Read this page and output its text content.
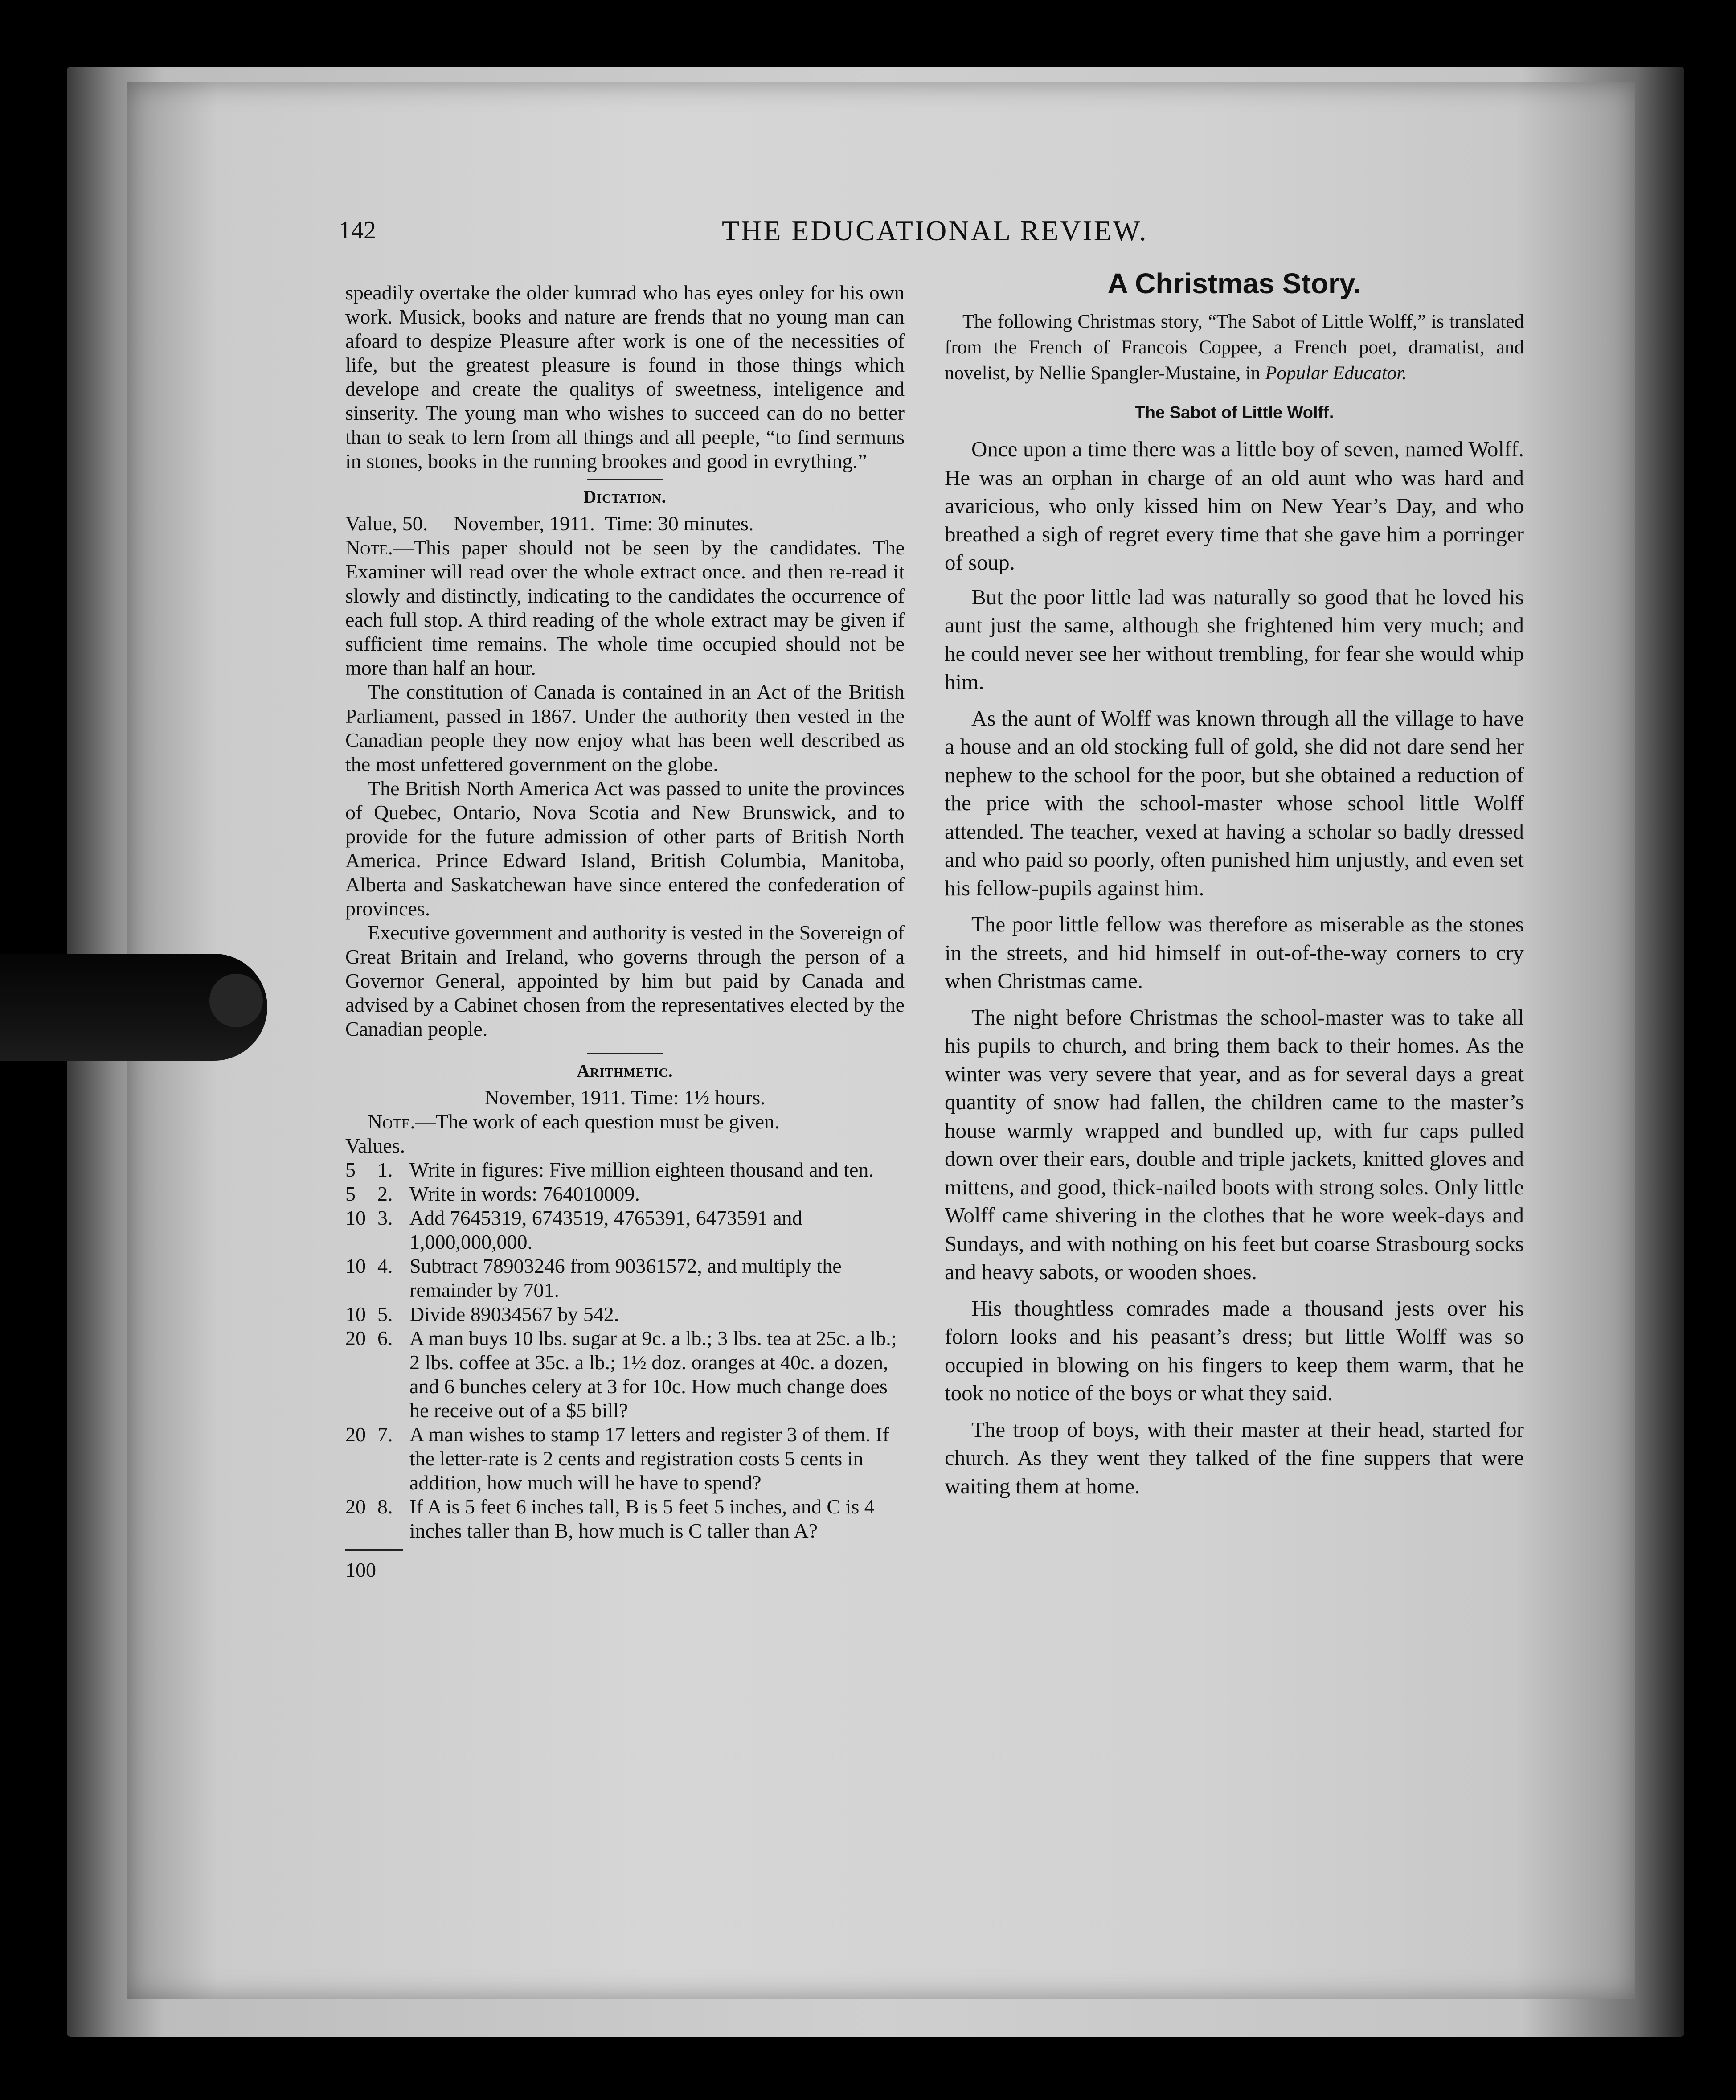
142	THE EDUCATIONAL REVIEW.

speadily overtake the older kumrad who has eyes onley for his own work. Musick, books and nature are frends that no young man can afoard to despize Pleasure after work is one of the necessities of life, but the greatest pleasure is found in those things which develope and create the qualitys of sweetness, inteligence and sinserity. The young man who wishes to succeed can do no better than to seak to lern from all things and all peeple, “to find sermuns in stones, books in the running brookes and good in evrything.”

Dictation.

Value, 50.     November, 1911.  Time: 30 minutes.

Note.—This paper should not be seen by the candidates. The Examiner will read over the whole extract once. and then re-read it slowly and distinctly, indicating to the candidates the occurrence of each full stop. A third reading of the whole extract may be given if sufficient time remains. The whole time occupied should not be more than half an hour.

The constitution of Canada is contained in an Act of the British Parliament, passed in 1867. Under the authority then vested in the Canadian people they now enjoy what has been well described as the most unfettered government on the globe.

The British North America Act was passed to unite the provinces of Quebec, Ontario, Nova Scotia and New Brunswick, and to provide for the future admission of other parts of British North America. Prince Edward Island, British Columbia, Manitoba, Alberta and Saskatchewan have since entered the confederation of provinces.

Executive government and authority is vested in the Sovereign of Great Britain and Ireland, who governs through the person of a Governor General, appointed by him but paid by Canada and advised by a Cabinet chosen from the representatives elected by the Canadian people.

Arithmetic.

November, 1911. Time: 1½ hours.

Note.—The work of each question must be given.

Values.

5	1. Write in figures: Five million eighteen thousand and ten.
5	2. Write in words: 764010009.
10 3. Add 7645319, 6743519, 4765391, 6473591 and 1,000,000,000.
10 4. Subtract 78903246 from 90361572, and multiply the remainder by 701.
10 5. Divide 89034567 by 542.
20 6. A man buys 10 lbs. sugar at 9c. a lb.; 3 lbs. tea at 25c. a lb.; 2 lbs. coffee at 35c. a lb.; 1½ doz. oranges at 40c. a dozen, and 6 bunches celery at 3 for 10c. How much change does he receive out of a $5 bill?
20 7. A man wishes to stamp 17 letters and register 3 of them. If the letter-rate is 2 cents and registration costs 5 cents in addition, how much will he have to spend?
20 8. If A is 5 feet 6 inches tall, B is 5 feet 5 inches, and C is 4 inches taller than B, how much is C taller than A?
100
A Christmas Story.

The following Christmas story, “The Sabot of Little Wolff,” is translated from the French of Francois Coppee, a French poet, dramatist, and novelist, by Nellie Spangler-Mustaine, in Popular Educator.

The Sabot of Little Wolff.

Once upon a time there was a little boy of seven, named Wolff. He was an orphan in charge of an old aunt who was hard and avaricious, who only kissed him on New Year’s Day, and who breathed a sigh of regret every time that she gave him a porringer of soup.

But the poor little lad was naturally so good that he loved his aunt just the same, although she frightened him very much; and he could never see her without trembling, for fear she would whip him.

As the aunt of Wolff was known through all the village to have a house and an old stocking full of gold, she did not dare send her nephew to the school for the poor, but she obtained a reduction of the price with the school-master whose school little Wolff attended. The teacher, vexed at having a scholar so badly dressed and who paid so poorly, often punished him unjustly, and even set his fellow-pupils against him.

The poor little fellow was therefore as miserable as the stones in the streets, and hid himself in out-of-the-way corners to cry when Christmas came.

The night before Christmas the school-master was to take all his pupils to church, and bring them back to their homes. As the winter was very severe that year, and as for several days a great quantity of snow had fallen, the children came to the master’s house warmly wrapped and bundled up, with fur caps pulled down over their ears, double and triple jackets, knitted gloves and mittens, and good, thick-nailed boots with strong soles. Only little Wolff came shivering in the clothes that he wore week-days and Sundays, and with nothing on his feet but coarse Strasbourg socks and heavy sabots, or wooden shoes.

His thoughtless comrades made a thousand jests over his folorn looks and his peasant’s dress; but little Wolff was so occupied in blowing on his fingers to keep them warm, that he took no notice of the boys or what they said.

The troop of boys, with their master at their head, started for church. As they went they talked of the fine suppers that were waiting them at home.
